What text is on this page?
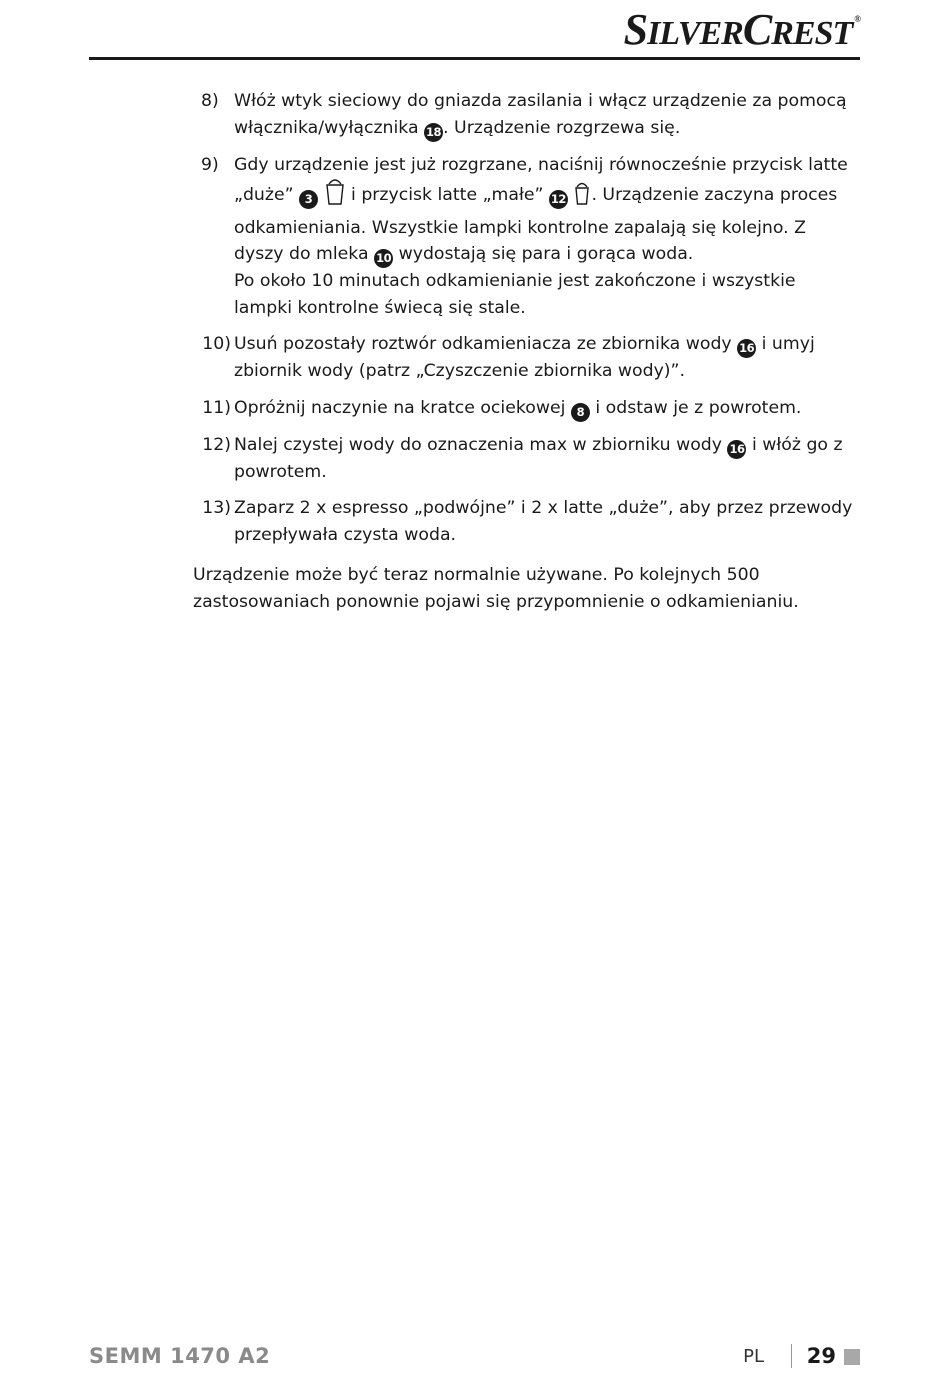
SILVERCREST ®
8) Włóż wtyk sieciowy do gniazda zasilania i włącz urządzenie za pomocą włącznika/wyłącznika 18 . Urządzenie rozgrzewa się.
9) Gdy urządzenie jest już rozgrzane, naciśnij równocześnie przycisk latte „duże” 3  i przycisk latte „małe” 12 . Urządzenie zaczyna proces odkamieniania. Wszystkie lampki kontrolne zapalają się kolejno. Z dyszy do mleka 10 wydostają się para i gorąca woda.
Po około 10 minutach odkamienianie jest zakończone i wszystkie lampki kontrolne świecą się stale.
10) Usuń pozostały roztwór odkamieniacza ze zbiornika wody 16 i umyj zbiornik wody (patrz „Czyszczenie zbiornika wody)”.
11) Opróżnij naczynie na kratce ociekowej 8 i odstaw je z powrotem.
12) Nalej czystej wody do oznaczenia max w zbiorniku wody 16 i włóż go z powrotem.
13) Zaparz 2 x espresso „podwójne” i 2 x latte „duże”, aby przez przewody przepływała czysta woda.
Urządzenie może być teraz normalnie używane. Po kolejnych 500 zastosowaniach ponownie pojawi się przypomnienie o odkamienianiu.
SEMM 1470 A2	PL 29
